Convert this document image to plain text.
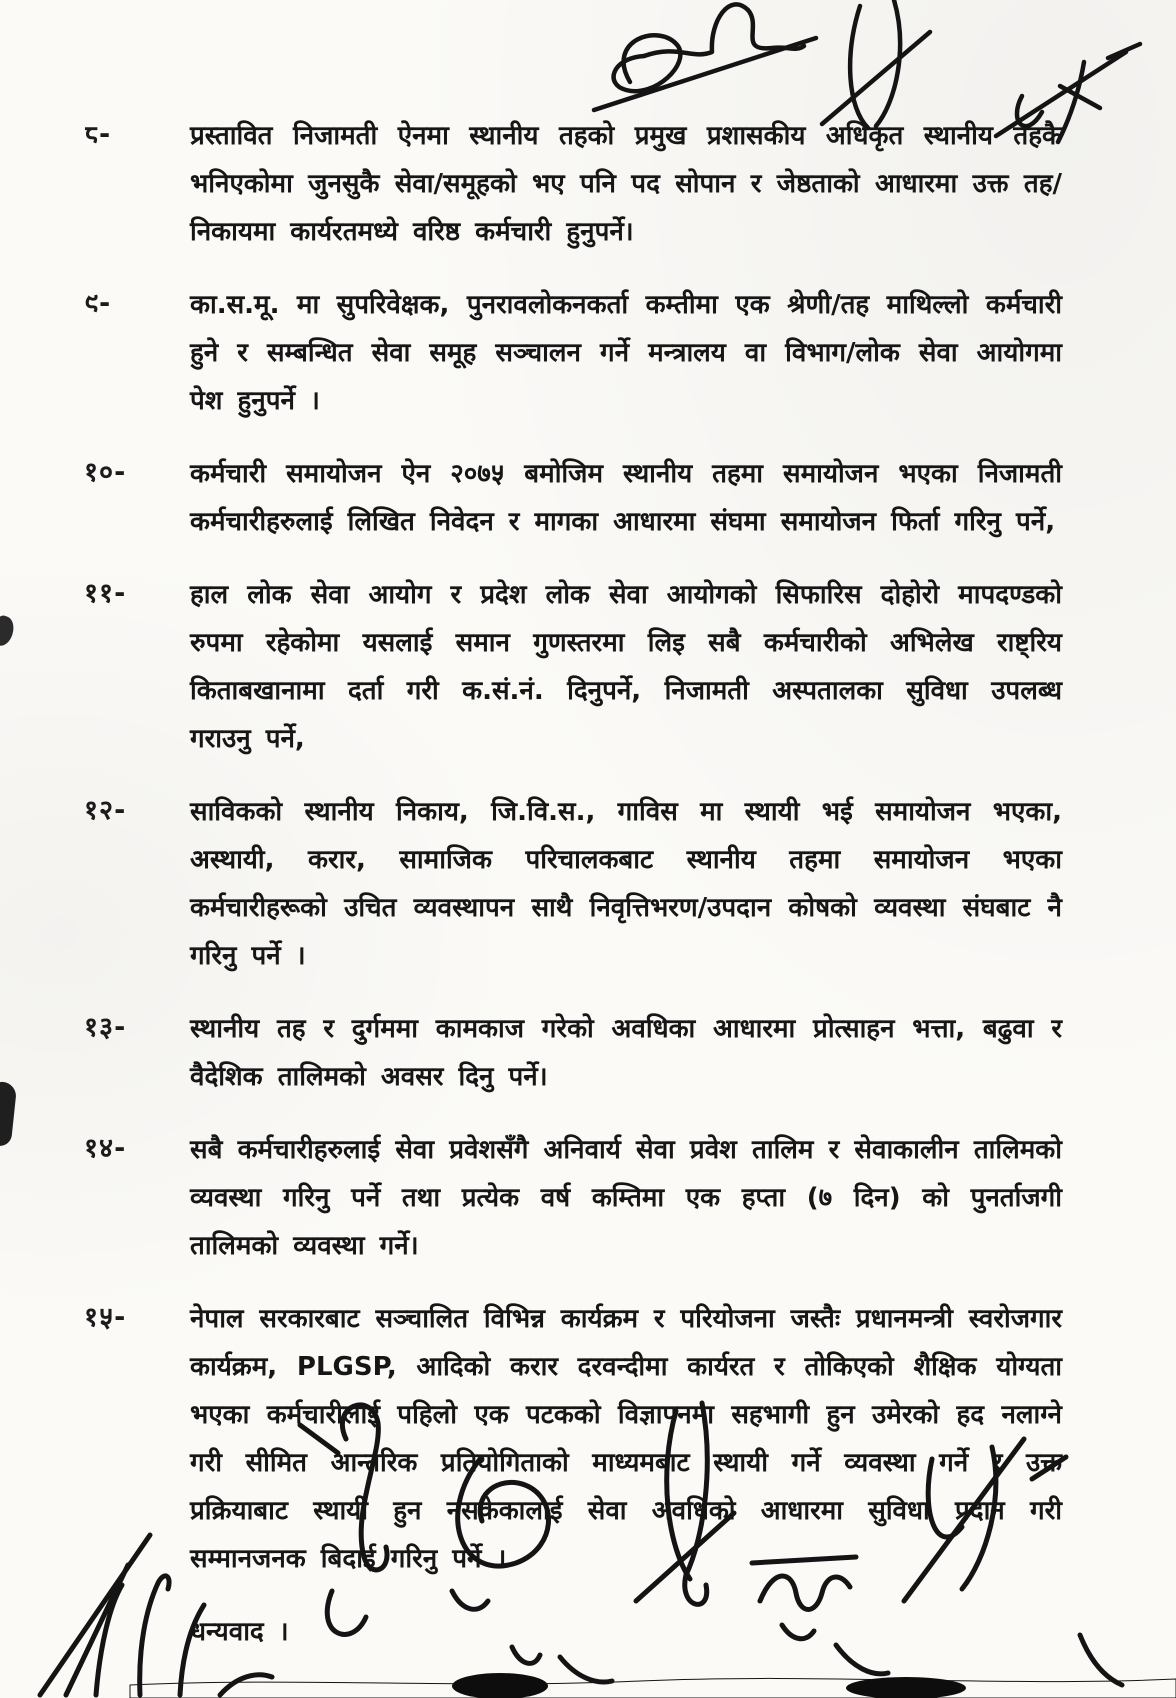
८-	प्रस्तावित निजामती ऐनमा स्थानीय तहको प्रमुख प्रशासकीय अधिकृत स्थानीय तहकै भनिएकोमा जुनसुकै सेवा/समूहको भए पनि पद सोपान र जेष्ठताको आधारमा उक्त तह/निकायमा कार्यरतमध्ये वरिष्ठ कर्मचारी हुनुपर्ने।
९-	का.स.मू. मा सुपरिवेक्षक, पुनरावलोकनकर्ता कम्तीमा एक श्रेणी/तह माथिल्लो कर्मचारी हुने र सम्बन्धित सेवा समूह सञ्चालन गर्ने मन्त्रालय वा विभाग/लोक सेवा आयोगमा पेश हुनुपर्ने ।
१०-	कर्मचारी समायोजन ऐन २०७५ बमोजिम स्थानीय तहमा समायोजन भएका निजामती कर्मचारीहरुलाई लिखित निवेदन र मागका आधारमा संघमा समायोजन फिर्ता गरिनु पर्ने,
११-	हाल लोक सेवा आयोग र प्रदेश लोक सेवा आयोगको सिफारिस दोहोरो मापदण्डको रुपमा रहेकोमा यसलाई समान गुणस्तरमा लिइ सबै कर्मचारीको अभिलेख राष्ट्रिय किताबखानामा दर्ता गरी क.सं.नं. दिनुपर्ने, निजामती अस्पतालका सुविधा उपलब्ध गराउनु पर्ने,
१२-	साविकको स्थानीय निकाय, जि.वि.स., गाविस मा स्थायी भई समायोजन भएका, अस्थायी, करार, सामाजिक परिचालकबाट स्थानीय तहमा समायोजन भएका कर्मचारीहरूको उचित व्यवस्थापन साथै निवृत्तिभरण/उपदान कोषको व्यवस्था संघबाट नै गरिनु पर्ने ।
१३-	स्थानीय तह र दुर्गममा कामकाज गरेको अवधिका आधारमा प्रोत्साहन भत्ता, बढुवा र वैदेशिक तालिमको अवसर दिनु पर्ने।
१४-	सबै कर्मचारीहरुलाई सेवा प्रवेशसँगै अनिवार्य सेवा प्रवेश तालिम र सेवाकालीन तालिमको व्यवस्था गरिनु पर्ने तथा प्रत्येक वर्ष कम्तिमा एक हप्ता (७ दिन) को पुनर्ताजगी तालिमको व्यवस्था गर्ने।
१५-	नेपाल सरकारबाट सञ्चालित विभिन्न कार्यक्रम र परियोजना जस्तैः प्रधानमन्त्री स्वरोजगार कार्यक्रम, PLGSP, आदिको करार दरवन्दीमा कार्यरत र तोकिएको शैक्षिक योग्यता भएका कर्मचारीलाई पहिलो एक पटकको विज्ञापनमा सहभागी हुन उमेरको हद नलाग्ने गरी सीमित आन्तरिक प्रतियोगिताको माध्यमबाट स्थायी गर्ने व्यवस्था गर्ने र उक्त प्रक्रियाबाट स्थायी हुन नसकेकालाई सेवा अवधिको आधारमा सुविधा प्रदान गरी सम्मानजनक बिदाई गरिनु पर्ने ।
धन्यवाद ।
